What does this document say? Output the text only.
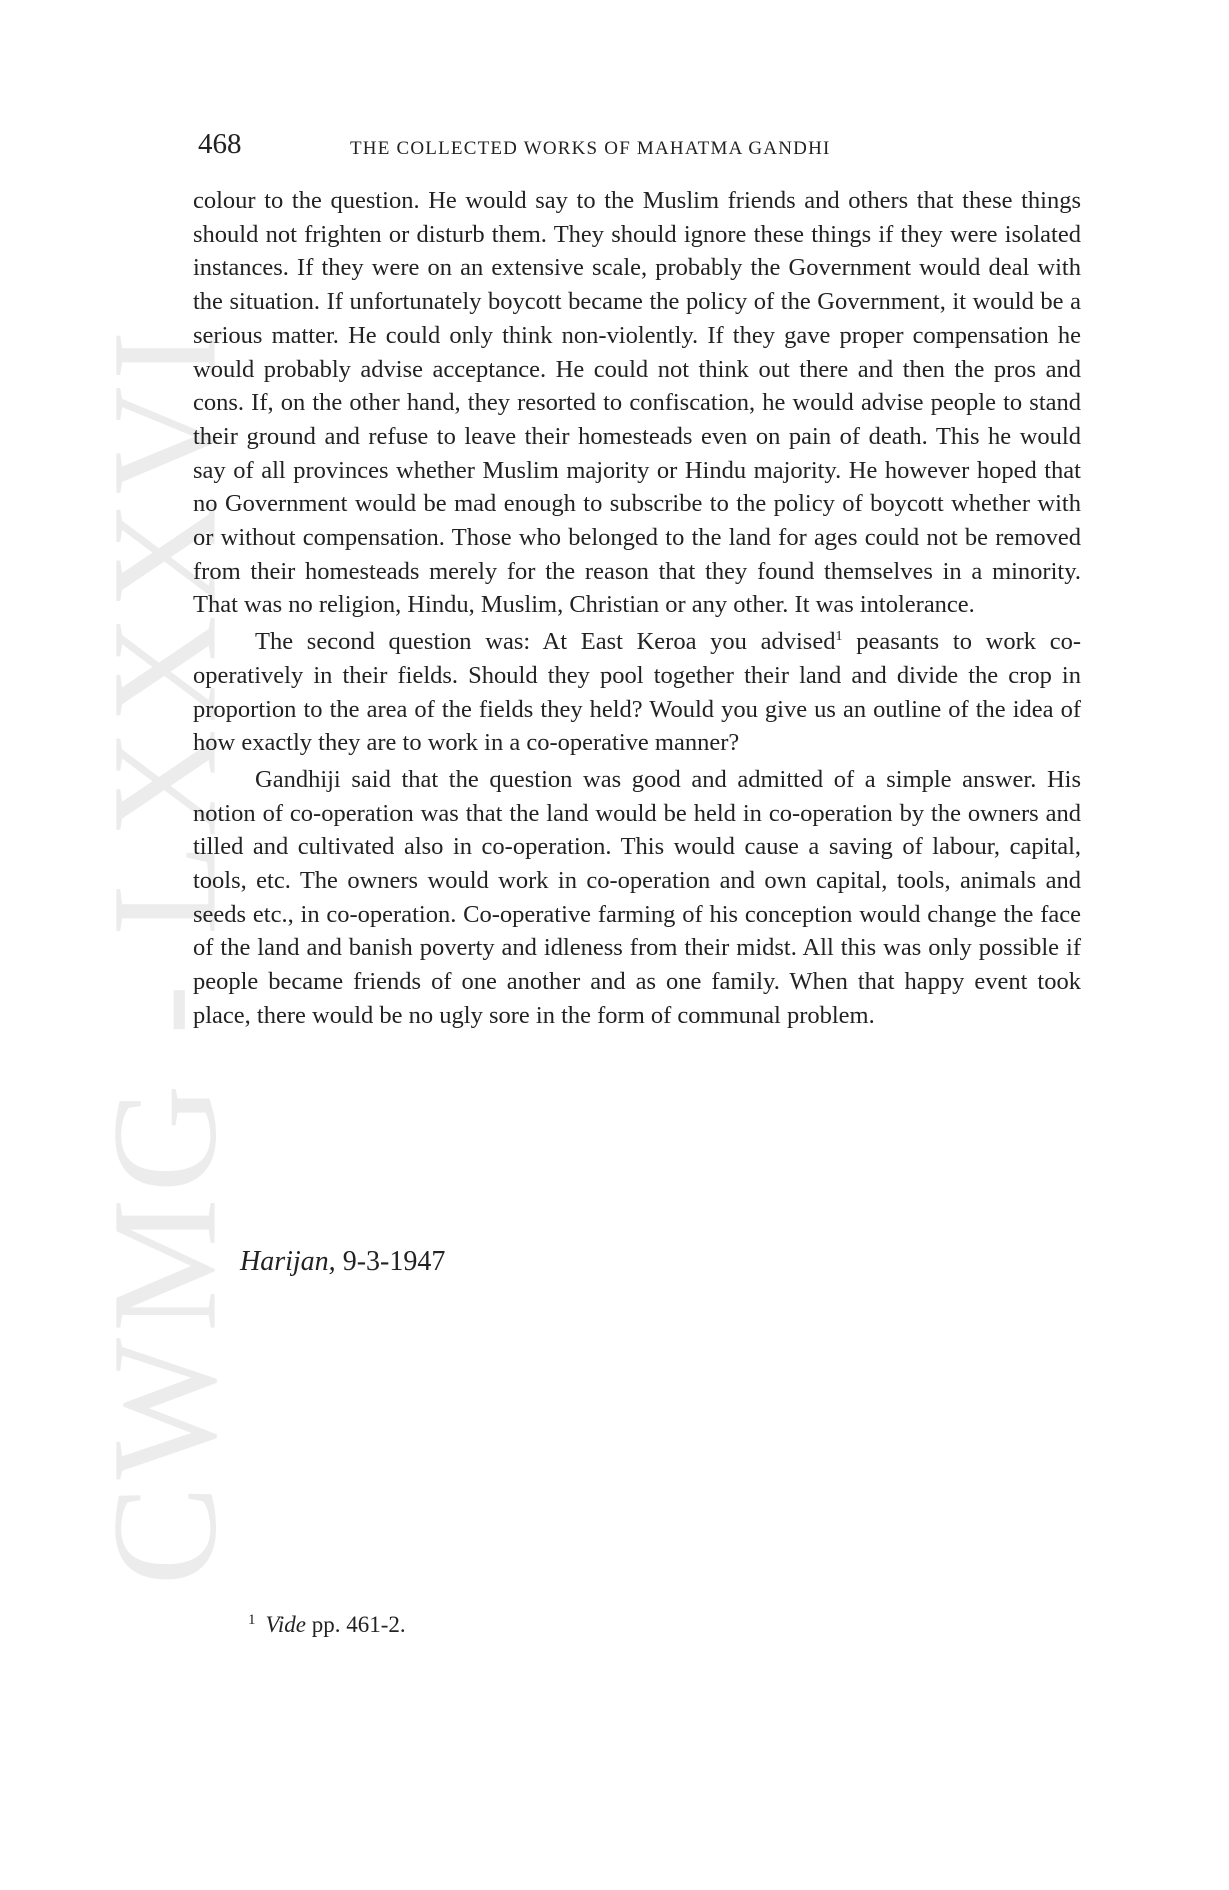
CWMG - LXXXVI
468	THE COLLECTED WORKS OF MAHATMA GANDHI

colour to the question. He would say to the Muslim friends and others that these things should not frighten or disturb them. They should ignore these things if they were isolated instances. If they were on an extensive scale, probably the Government would deal with the situation. If unfortunately boycott became the policy of the Government, it would be a serious matter. He could only think non-violently. If they gave proper compensation he would probably advise acceptance. He could not think out there and then the pros and cons. If, on the other hand, they resorted to confiscation, he would advise people to stand their ground and refuse to leave their homesteads even on pain of death. This he would say of all provinces whether Muslim majority or Hindu majority. He however hoped that no Government would be mad enough to subscribe to the policy of boycott whether with or without compensation. Those who belonged to the land for ages could not be removed from their homesteads merely for the reason that they found themselves in a minority. That was no religion, Hindu, Muslim, Christian or any other. It was intolerance.

The second question was: At East Keroa you advised$^1$ peasants to work co-operatively in their fields. Should they pool together their land and divide the crop in proportion to the area of the fields they held? Would you give us an outline of the idea of how exactly they are to work in a co-operative manner?

Gandhiji said that the question was good and admitted of a simple answer. His notion of co-operation was that the land would be held in co-operation by the owners and tilled and cultivated also in co-operation. This would cause a saving of labour, capital, tools, etc. The owners would work in co-operation and own capital, tools, animals and seeds etc., in co-operation. Co-operative farming of his conception would change the face of the land and banish poverty and idleness from their midst. All this was only possible if people became friends of one another and as one family. When that happy event took place, there would be no ugly sore in the form of communal problem.

Harijan, 9-3-1947
$^1$ Vide pp. 461-2.
